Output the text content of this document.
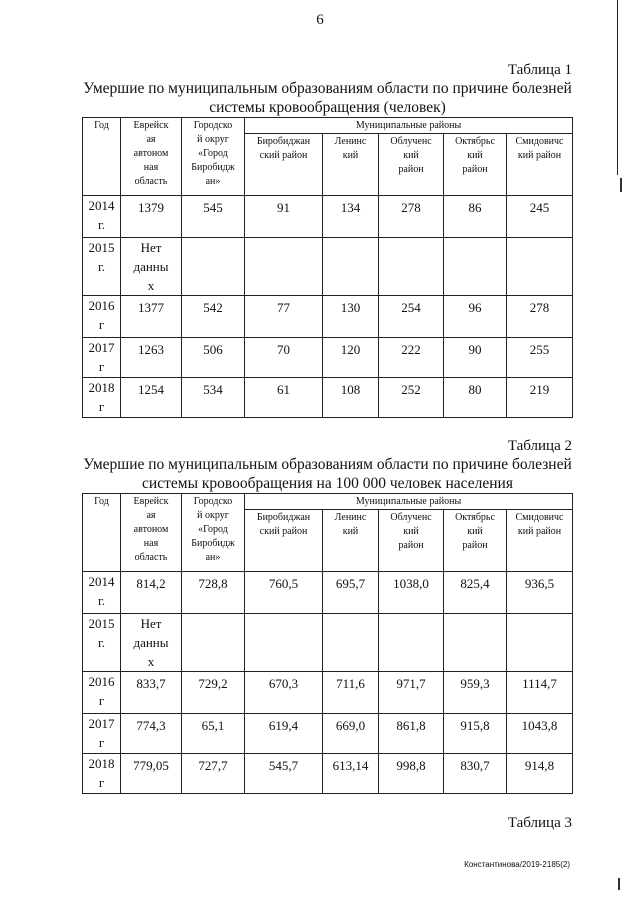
6
Таблица 1
Умершие по муниципальным образованиям области по причине болезней
системы кровообращения (человек)
Год	Еврейск
ая
автоном
ная
область	Городско
й округ
«Город
Биробидж
ан»	Муниципальные районы				

			Биробиджан
ский район	Ленинс
кий	Облученс
кий
район	Октябрьс
кий
район	Смидовичс
кий район

2014
г.	1379	545	91	134	278	86	245

2015
г.	Нет
данны
х						

2016
г	1377	542	77	130	254	96	278

2017
г	1263	506	70	120	222	90	255

2018
г	1254	534	61	108	252	80	219
Таблица 2
Умершие по муниципальным образованиям области по причине болезней
системы кровообращения на 100 000 человек населения
Год	Еврейск
ая
автоном
ная
область	Городско
й округ
«Город
Биробидж
ан»	Муниципальные районы				

			Биробиджан
ский район	Ленинс
кий	Облученс
кий
район	Октябрьс
кий
район	Смидовичс
кий район

2014
г.	814,2	728,8	760,5	695,7	1038,0	825,4	936,5

2015
г.	Нет
данны
х						

2016
г	833,7	729,2	670,3	711,6	971,7	959,3	1114,7

2017
г	774,3	65,1	619,4	669,0	861,8	915,8	1043,8

2018
г	779,05	727,7	545,7	613,14	998,8	830,7	914,8
Таблица 3
Константинова/2019-2185(2)
